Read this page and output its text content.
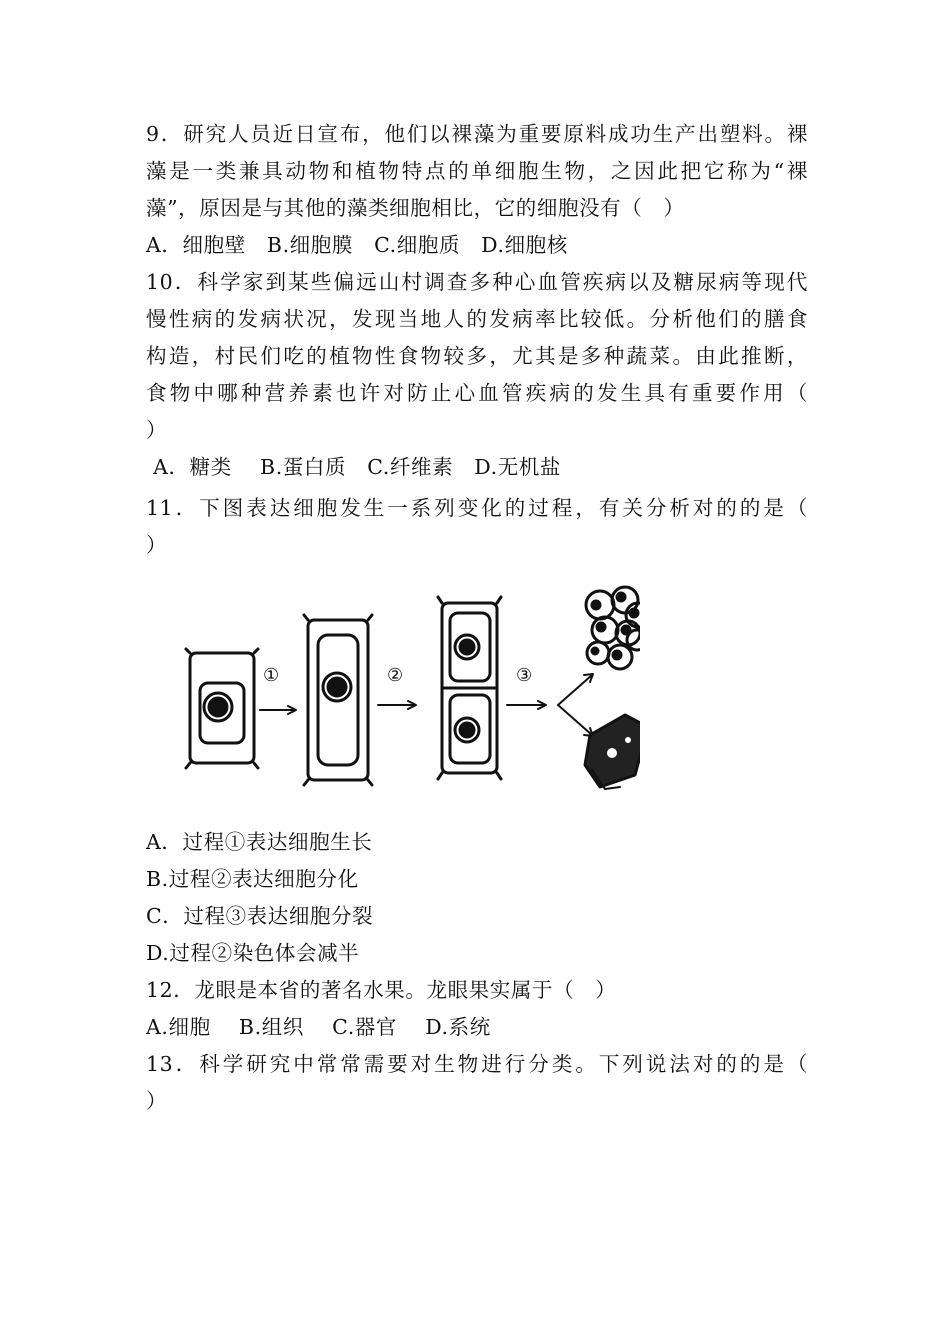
9．研究人员近日宣布，他们以裸藻为重要原料成功生产出塑料。裸
藻是一类兼具动物和植物特点的单细胞生物，之因此把它称为“裸
藻”，原因是与其他的藻类细胞相比，它的细胞没有（　）
A．细胞壁　B.细胞膜　C.细胞质　D.细胞核
10．科学家到某些偏远山村调查多种心血管疾病以及糖尿病等现代
慢性病的发病状况，发现当地人的发病率比较低。分析他们的膳食
构造，村民们吃的植物性食物较多，尤其是多种蔬菜。由此推断，
食物中哪种营养素也许对防止心血管疾病的发生具有重要作用（
）
A．糖类　 B.蛋白质　C.纤维素　D.无机盐
11．下图表达细胞发生一系列变化的过程，有关分析对的的是（
）
①	②	③
A．过程①表达细胞生长
B.过程②表达细胞分化
C．过程③表达细胞分裂
D.过程②染色体会减半
12．龙眼是本省的著名水果。龙眼果实属于（　）
A.细胞　 B.组织　 C.器官　 D.系统
13．科学研究中常常需要对生物进行分类。下列说法对的的是（
）
